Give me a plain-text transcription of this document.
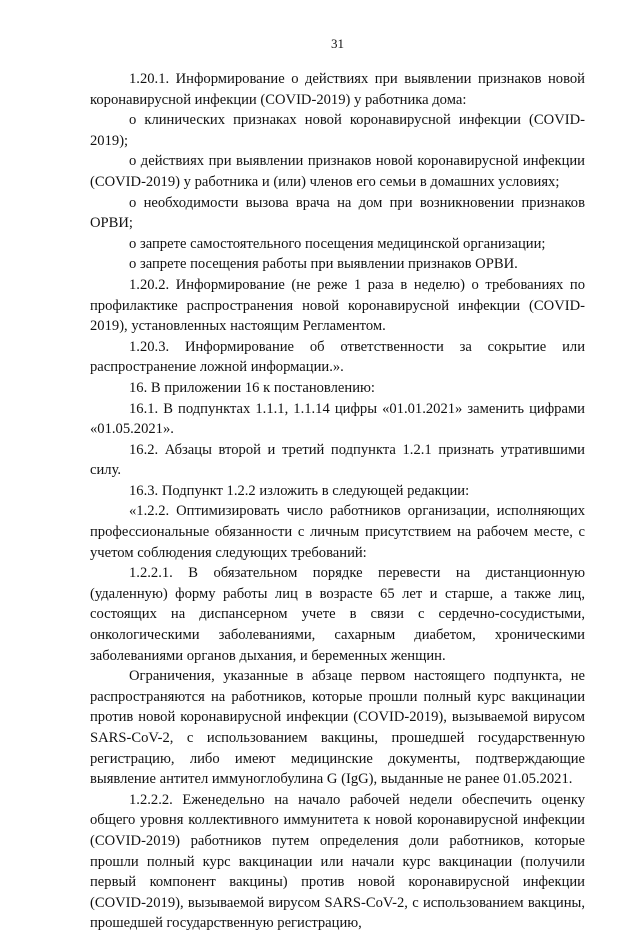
31

1.20.1. Информирование о действиях при выявлении признаков новой коронавирусной инфекции (COVID-2019) у работника дома:

о клинических признаках новой коронавирусной инфекции (COVID-2019);

о действиях при выявлении признаков новой коронавирусной инфекции (COVID-2019) у работника и (или) членов его семьи в домашних условиях;

о необходимости вызова врача на дом при возникновении признаков ОРВИ;

о запрете самостоятельного посещения медицинской организации;

о запрете посещения работы при выявлении признаков ОРВИ.

1.20.2. Информирование (не реже 1 раза в неделю) о требованиях по профилактике распространения новой коронавирусной инфекции (COVID-2019), установленных настоящим Регламентом.

1.20.3. Информирование об ответственности за сокрытие или распространение ложной информации.».

16. В приложении 16 к постановлению:

16.1. В подпунктах 1.1.1, 1.1.14 цифры «01.01.2021» заменить цифрами «01.05.2021».

16.2. Абзацы второй и третий подпункта 1.2.1 признать утратившими силу.

16.3. Подпункт 1.2.2 изложить в следующей редакции:

«1.2.2. Оптимизировать число работников организации, исполняющих профессиональные обязанности с личным присутствием на рабочем месте, с учетом соблюдения следующих требований:

1.2.2.1. В обязательном порядке перевести на дистанционную (удаленную) форму работы лиц в возрасте 65 лет и старше, а также лиц, состоящих на диспансерном учете в связи с сердечно-сосудистыми, онкологическими заболеваниями, сахарным диабетом, хроническими заболеваниями органов дыхания, и беременных женщин.

Ограничения, указанные в абзаце первом настоящего подпункта, не распространяются на работников, которые прошли полный курс вакцинации против новой коронавирусной инфекции (COVID-2019), вызываемой вирусом SARS-CoV-2, с использованием вакцины, прошедшей государственную регистрацию, либо имеют медицинские документы, подтверждающие выявление антител иммуноглобулина G (IgG), выданные не ранее 01.05.2021.

1.2.2.2. Еженедельно на начало рабочей недели обеспечить оценку общего уровня коллективного иммунитета к новой коронавирусной инфекции (COVID-2019) работников путем определения доли работников, которые прошли полный курс вакцинации или начали курс вакцинации (получили первый компонент вакцины) против новой коронавирусной инфекции (COVID-2019), вызываемой вирусом SARS-CoV-2, с использованием вакцины, прошедшей государственную регистрацию,
